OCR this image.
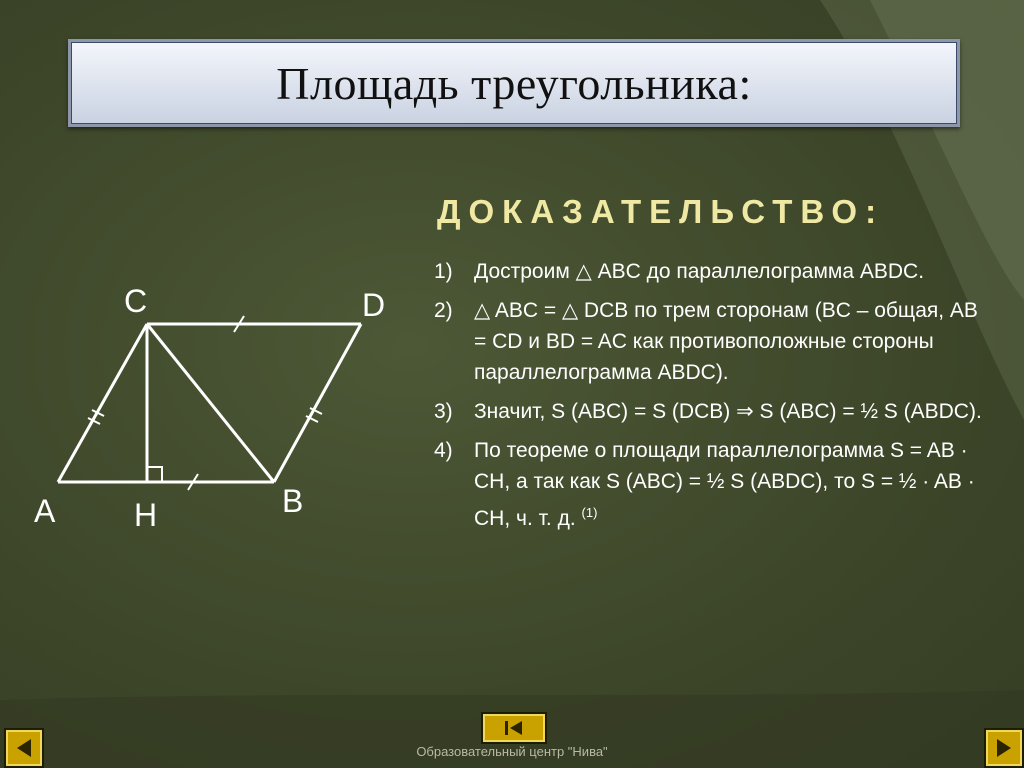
Площадь треугольника:
ДОКАЗАТЕЛЬСТВО:
1)	Достроим △ ABC до параллелограмма ABDC.
2)	△ ABC = △ DCB по трем сторонам (BC – общая, AB = CD и BD = AC как противоположные стороны параллелограмма ABDC).
3)	Значит, S (ABC) = S (DCB) ⇒ S (ABC) = ½ S (ABDC).
4)	По теореме о площади параллелограмма S = AB · CH, а так как S (ABC) = ½ S (ABDC), то S = ½ · AB · CH, ч. т. д. $^{(1)}$
C	D
A H	B
Образовательный центр "Нива"
